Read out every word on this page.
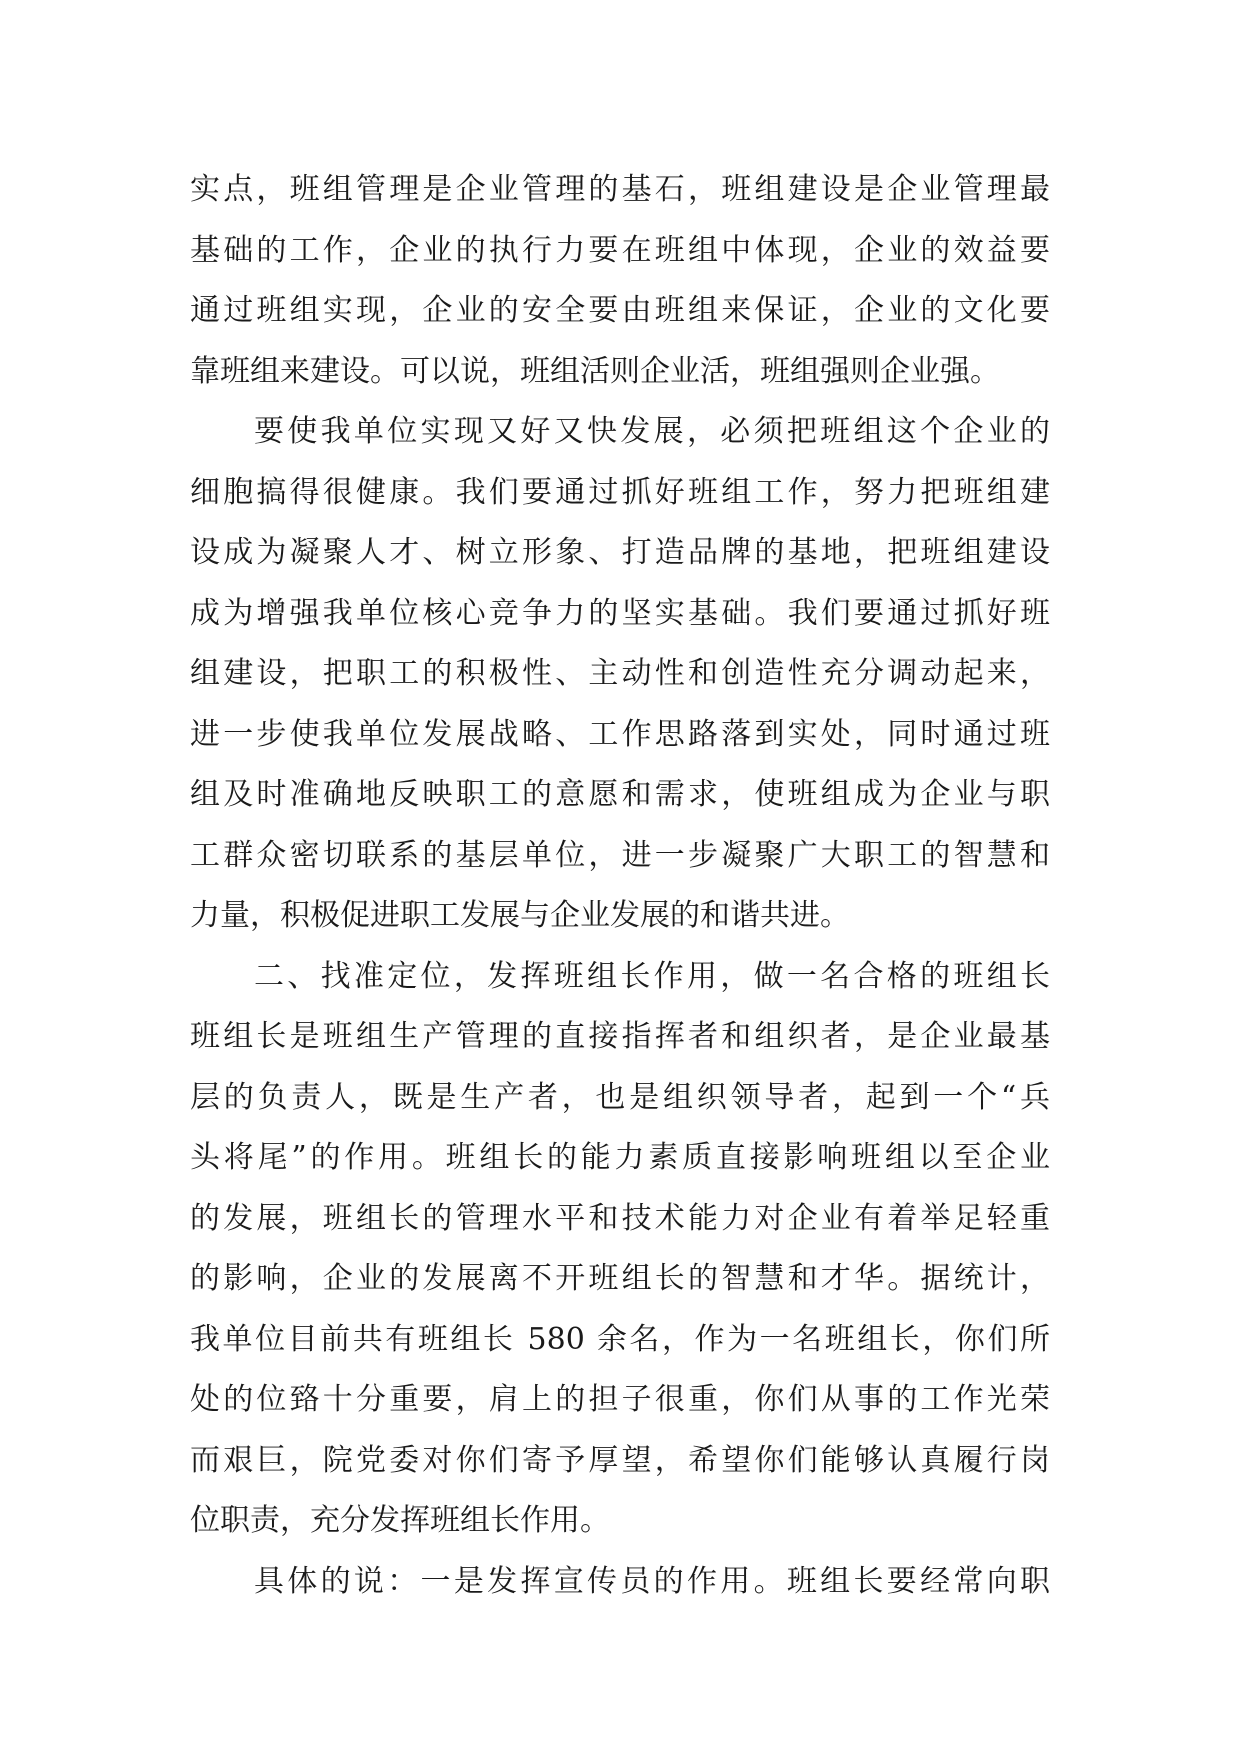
实点，班组管理是企业管理的基石，班组建设是企业管理最
基础的工作，企业的执行力要在班组中体现，企业的效益要
通过班组实现，企业的安全要由班组来保证，企业的文化要
靠班组来建设。可以说，班组活则企业活，班组强则企业强。
要使我单位实现又好又快发展，必须把班组这个企业的
细胞搞得很健康。我们要通过抓好班组工作，努力把班组建
设成为凝聚人才、树立形象、打造品牌的基地，把班组建设
成为增强我单位核心竞争力的坚实基础。我们要通过抓好班
组建设，把职工的积极性、主动性和创造性充分调动起来，
进一步使我单位发展战略、工作思路落到实处，同时通过班
组及时准确地反映职工的意愿和需求，使班组成为企业与职
工群众密切联系的基层单位，进一步凝聚广大职工的智慧和
力量，积极促进职工发展与企业发展的和谐共进。
二、找准定位，发挥班组长作用，做一名合格的班组长
班组长是班组生产管理的直接指挥者和组织者，是企业最基
层的负责人，既是生产者，也是组织领导者，起到一个“兵
头将尾”的作用。班组长的能力素质直接影响班组以至企业
的发展，班组长的管理水平和技术能力对企业有着举足轻重
的影响，企业的发展离不开班组长的智慧和才华。据统计，
我单位目前共有班组长 580 余名，作为一名班组长，你们所
处的位臵十分重要，肩上的担子很重，你们从事的工作光荣
而艰巨，院党委对你们寄予厚望，希望你们能够认真履行岗
位职责，充分发挥班组长作用。
具体的说：一是发挥宣传员的作用。班组长要经常向职
